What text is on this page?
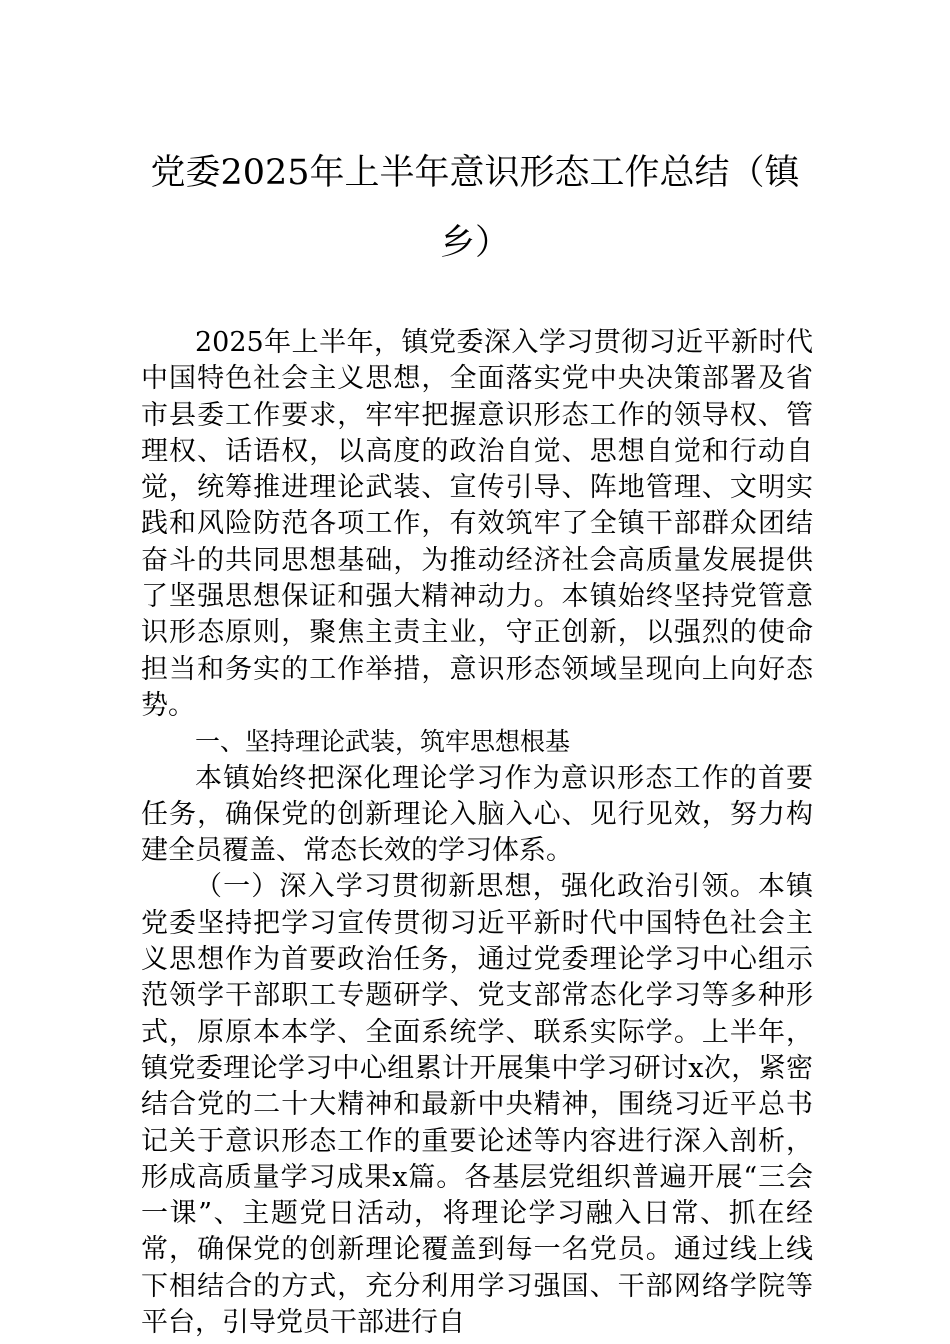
党委2025年上半年意识形态工作总结（镇乡）

2025年上半年，镇党委深入学习贯彻习近平新时代中国特色社会主义思想，全面落实党中央决策部署及省市县委工作要求，牢牢把握意识形态工作的领导权、管理权、话语权，以高度的政治自觉、思想自觉和行动自觉，统筹推进理论武装、宣传引导、阵地管理、文明实践和风险防范各项工作，有效筑牢了全镇干部群众团结奋斗的共同思想基础，为推动经济社会高质量发展提供了坚强思想保证和强大精神动力。本镇始终坚持党管意识形态原则，聚焦主责主业，守正创新，以强烈的使命担当和务实的工作举措，意识形态领域呈现向上向好态势。

一、坚持理论武装，筑牢思想根基

本镇始终把深化理论学习作为意识形态工作的首要任务，确保党的创新理论入脑入心、见行见效，努力构建全员覆盖、常态长效的学习体系。

（一）深入学习贯彻新思想，强化政治引领。本镇党委坚持把学习宣传贯彻习近平新时代中国特色社会主义思想作为首要政治任务，通过党委理论学习中心组示范领学干部职工专题研学、党支部常态化学习等多种形式，原原本本学、全面系统学、联系实际学。上半年，镇党委理论学习中心组累计开展集中学习研讨x次，紧密结合党的二十大精神和最新中央精神，围绕习近平总书记关于意识形态工作的重要论述等内容进行深入剖析，形成高质量学习成果x篇。各基层党组织普遍开展“三会一课”、主题党日活动，将理论学习融入日常、抓在经常，确保党的创新理论覆盖到每一名党员。通过线上线下相结合的方式，充分利用学习强国、干部网络学院等平台，引导党员干部进行自
